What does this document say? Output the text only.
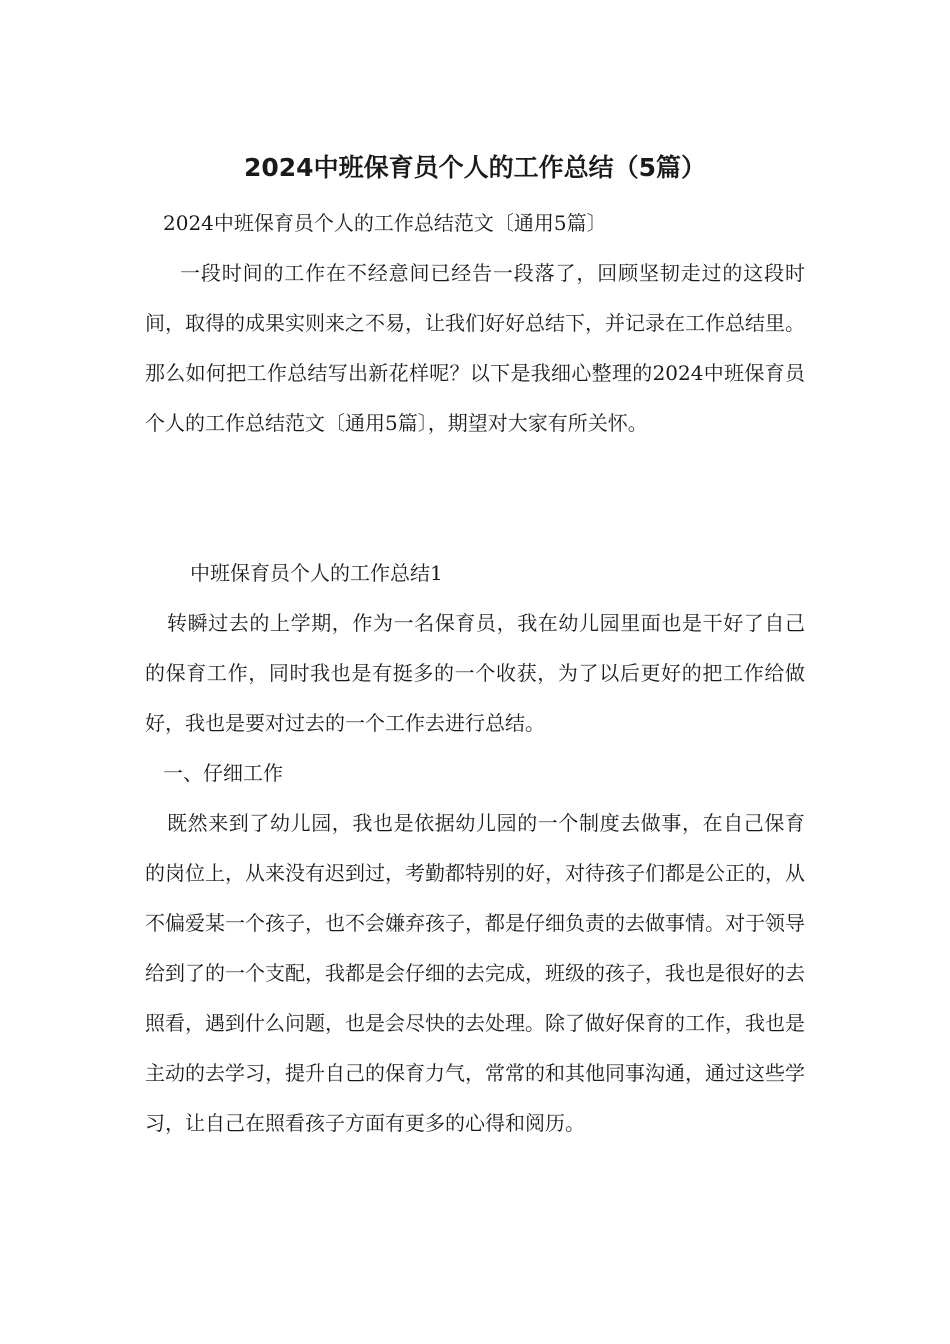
2024中班保育员个人的工作总结（5篇）

2024中班保育员个人的工作总结范文〔通用5篇〕

一段时间的工作在不经意间已经告一段落了，回顾坚韧走过的这段时间，取得的成果实则来之不易，让我们好好总结下，并记录在工作总结里。那么如何把工作总结写出新花样呢？以下是我细心整理的2024中班保育员个人的工作总结范文〔通用5篇〕，期望对大家有所关怀。

中班保育员个人的工作总结1

转瞬过去的上学期，作为一名保育员，我在幼儿园里面也是干好了自己的保育工作，同时我也是有挺多的一个收获，为了以后更好的把工作给做好，我也是要对过去的一个工作去进行总结。

一、仔细工作

既然来到了幼儿园，我也是依据幼儿园的一个制度去做事，在自己保育的岗位上，从来没有迟到过，考勤都特别的好，对待孩子们都是公正的，从不偏爱某一个孩子，也不会嫌弃孩子，都是仔细负责的去做事情。对于领导给到了的一个支配，我都是会仔细的去完成，班级的孩子，我也是很好的去照看，遇到什么问题，也是会尽快的去处理。除了做好保育的工作，我也是主动的去学习，提升自己的保育力气，常常的和其他同事沟通，通过这些学习，让自己在照看孩子方面有更多的心得和阅历。
